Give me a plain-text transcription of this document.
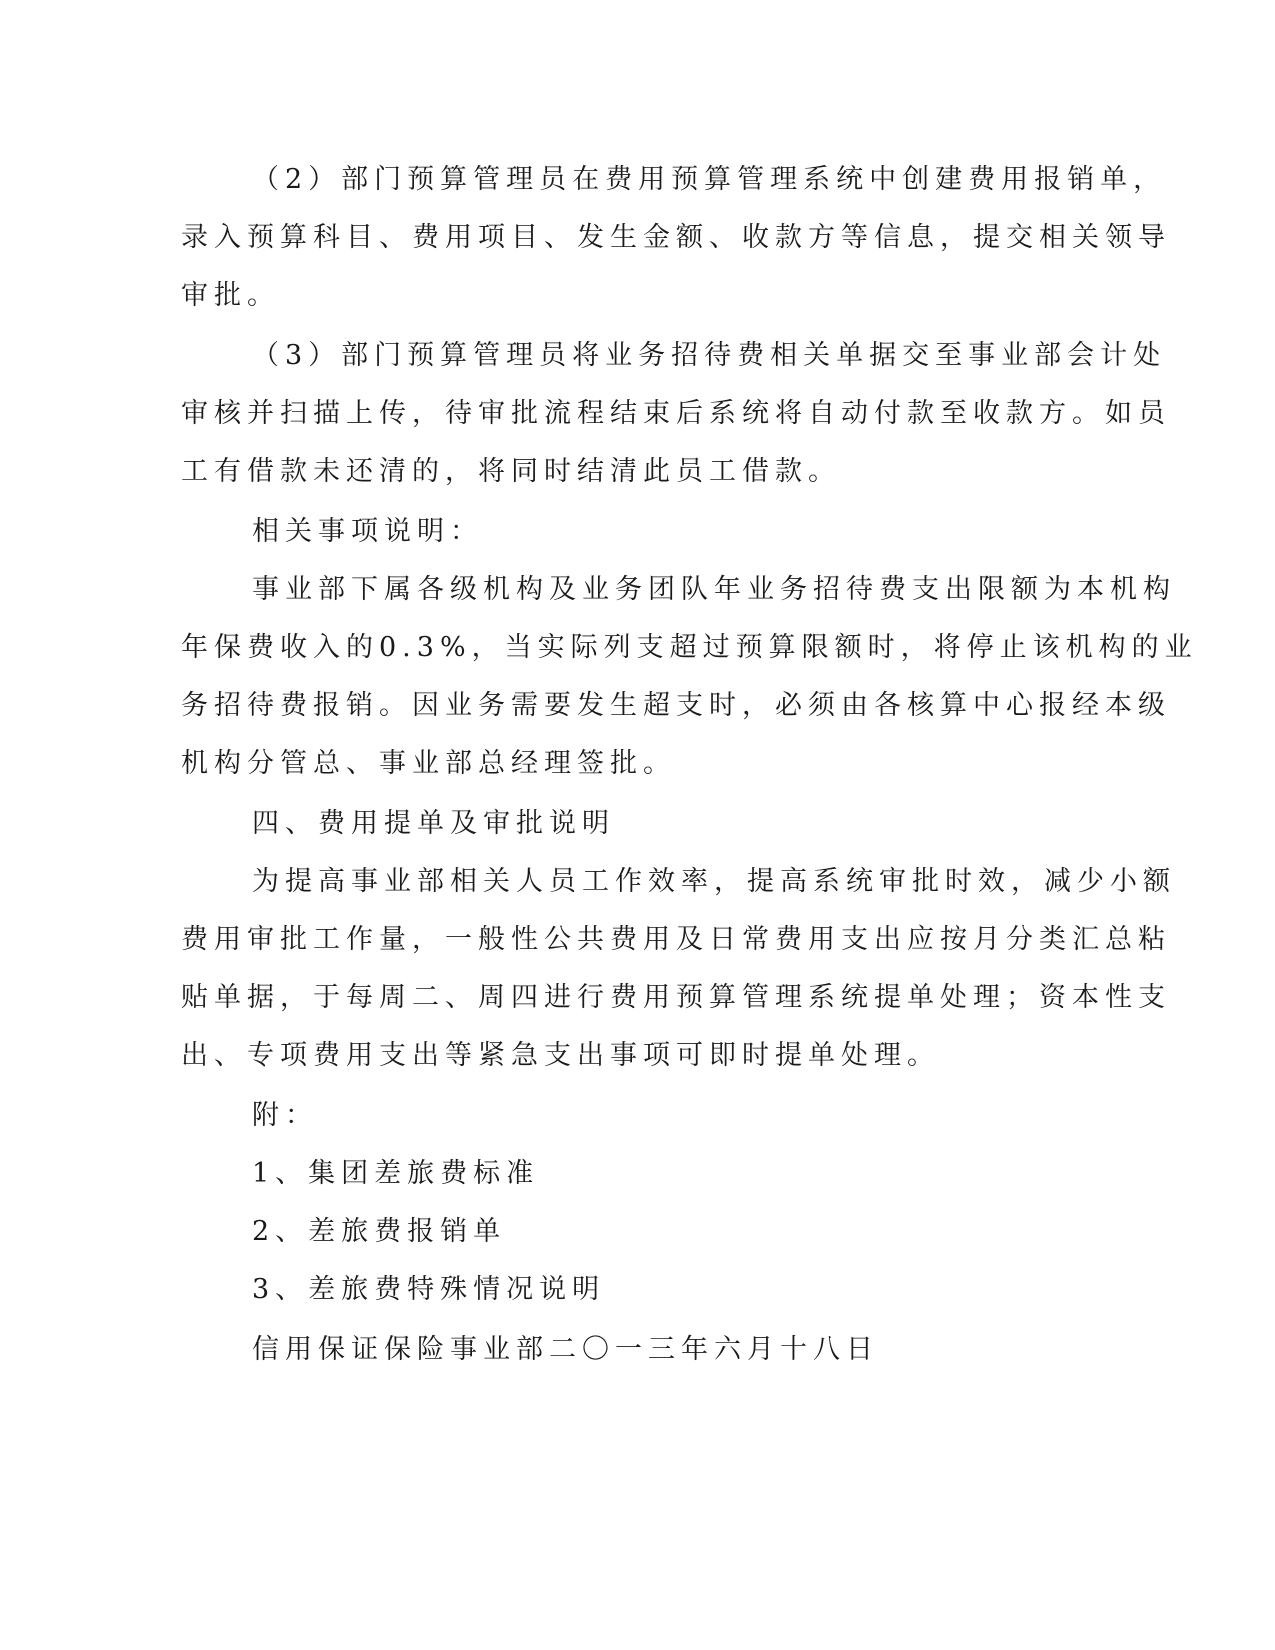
（2）部门预算管理员在费用预算管理系统中创建费用报销单，
录入预算科目、费用项目、发生金额、收款方等信息，提交相关领导
审批。
（3）部门预算管理员将业务招待费相关单据交至事业部会计处
审核并扫描上传，待审批流程结束后系统将自动付款至收款方。如员
工有借款未还清的，将同时结清此员工借款。
相关事项说明：
事业部下属各级机构及业务团队年业务招待费支出限额为本机构
年保费收入的0.3%，当实际列支超过预算限额时，将停止该机构的业
务招待费报销。因业务需要发生超支时，必须由各核算中心报经本级
机构分管总、事业部总经理签批。
四、费用提单及审批说明
为提高事业部相关人员工作效率，提高系统审批时效，减少小额
费用审批工作量，一般性公共费用及日常费用支出应按月分类汇总粘
贴单据，于每周二、周四进行费用预算管理系统提单处理；资本性支
出、专项费用支出等紧急支出事项可即时提单处理。
附：
1、集团差旅费标准
2、差旅费报销单
3、差旅费特殊情况说明
信用保证保险事业部二〇一三年六月十八日
